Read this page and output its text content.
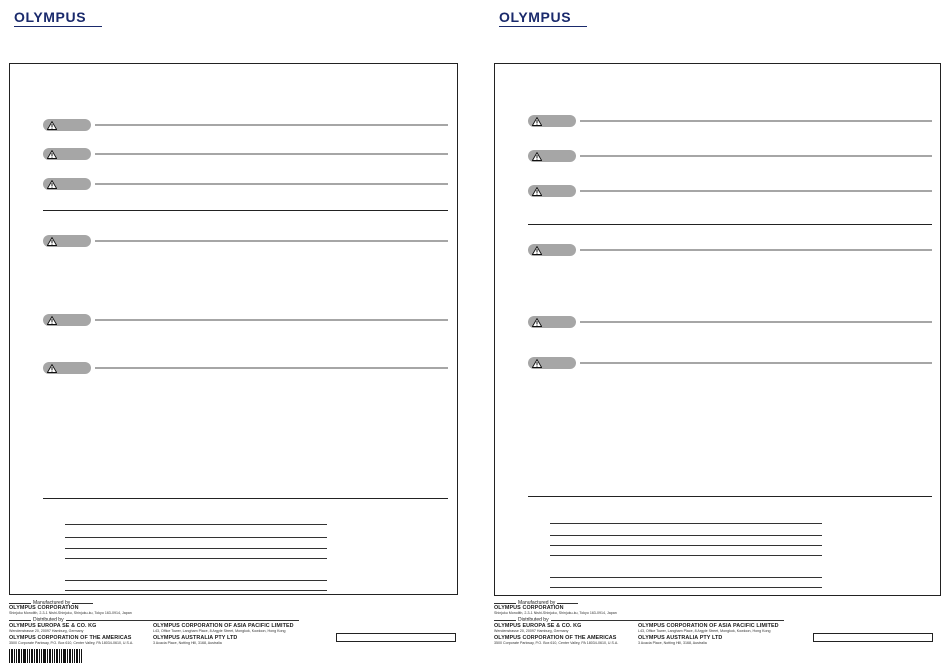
OLYMPUS
Manufactured by
OLYMPUS CORPORATION
Shinjuku Monolith, 2-3-1 Nishi-Shinjuku, Shinjuku-ku, Tokyo 163-0914, Japan
Distributed by
OLYMPUS EUROPA SE & CO. KG
Wendenstrasse 20, 20097 Hamburg, Germany
OLYMPUS CORPORATION OF ASIA PACIFIC LIMITED
L43, Office Tower, Langham Place, 8 Argyle Street, Mongkok, Kowloon, Hong Kong
OLYMPUS CORPORATION OF THE AMERICAS
3500 Corporate Parkway, P.O. Box 610, Center Valley, PA 18034-0610, U.S.A.
OLYMPUS AUSTRALIA PTY LTD
3 Acacia Place, Notting Hill, 3168, Australia
OLYMPUS
Manufactured by
OLYMPUS CORPORATION
Shinjuku Monolith, 2-3-1 Nishi-Shinjuku, Shinjuku-ku, Tokyo 163-0914, Japan
Distributed by
OLYMPUS EUROPA SE & CO. KG
Wendenstrasse 20, 20097 Hamburg, Germany
OLYMPUS CORPORATION OF ASIA PACIFIC LIMITED
L43, Office Tower, Langham Place, 8 Argyle Street, Mongkok, Kowloon, Hong Kong
OLYMPUS CORPORATION OF THE AMERICAS
3500 Corporate Parkway, P.O. Box 610, Center Valley, PA 18034-0610, U.S.A.
OLYMPUS AUSTRALIA PTY LTD
3 Acacia Place, Notting Hill, 3168, Australia
